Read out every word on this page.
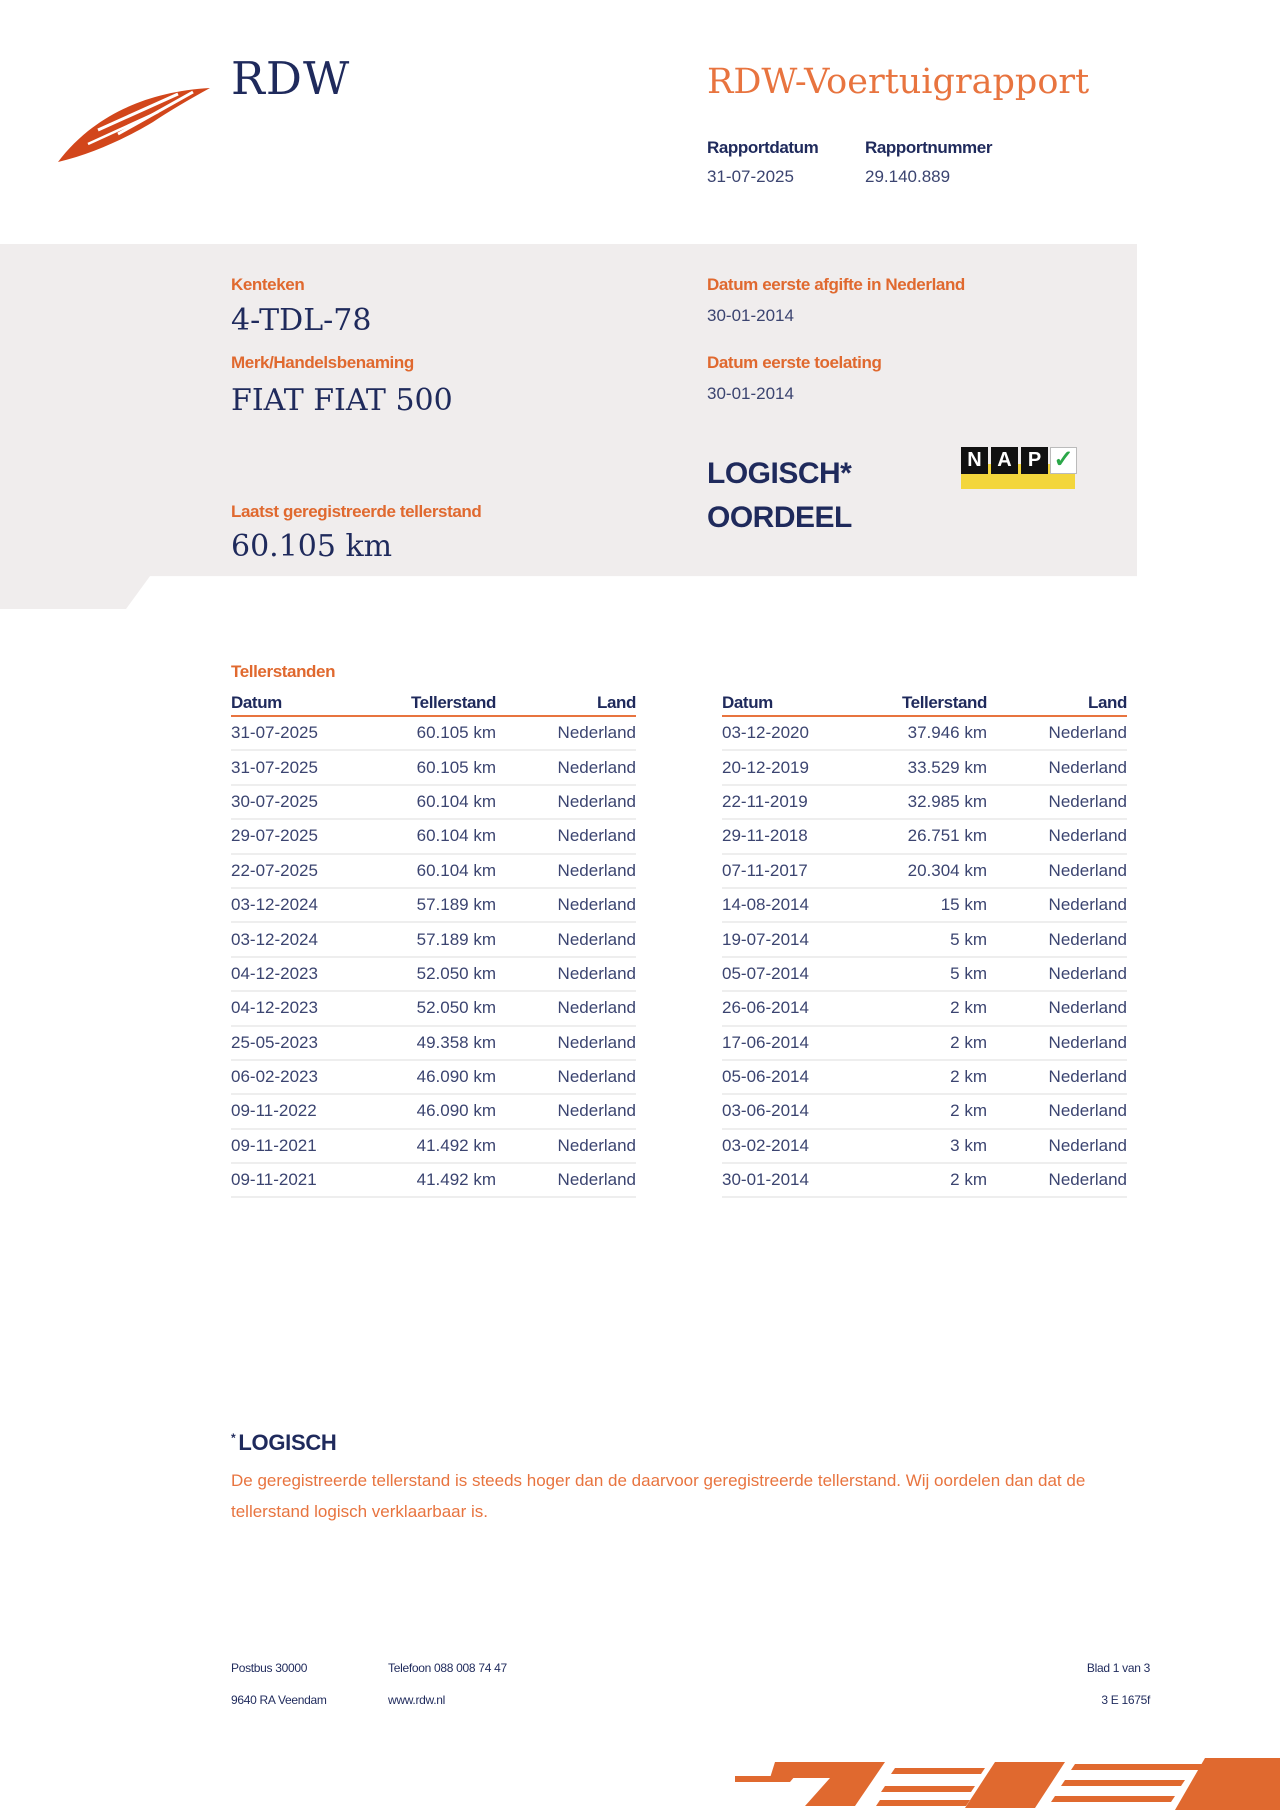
RDW	RDW-Voertuigrapport
Rapportdatum
31-07-2025
Rapportnummer
29.140.889
Kenteken
4-TDL-78
Merk/Handelsbenaming
FIAT FIAT 500
Datum eerste afgifte in Nederland
30-01-2014
Datum eerste toelating
30-01-2014
LOGISCH*
OORDEEL
N A P ✓
Laatst geregistreerde tellerstand
60.105 km
Tellerstanden
Datum	Tellerstand	Land
31-07-2025	60.105 km	Nederland
31-07-2025	60.105 km	Nederland
30-07-2025	60.104 km	Nederland
29-07-2025	60.104 km	Nederland
22-07-2025	60.104 km	Nederland
03-12-2024	57.189 km	Nederland
03-12-2024	57.189 km	Nederland
04-12-2023	52.050 km	Nederland
04-12-2023	52.050 km	Nederland
25-05-2023	49.358 km	Nederland
06-02-2023	46.090 km	Nederland
09-11-2022	46.090 km	Nederland
09-11-2021	41.492 km	Nederland
09-11-2021	41.492 km	Nederland
Datum	Tellerstand	Land
03-12-2020	37.946 km	Nederland
20-12-2019	33.529 km	Nederland
22-11-2019	32.985 km	Nederland
29-11-2018	26.751 km	Nederland
07-11-2017	20.304 km	Nederland
14-08-2014	15 km	Nederland
19-07-2014	5 km	Nederland
05-07-2014	5 km	Nederland
26-06-2014	2 km	Nederland
17-06-2014	2 km	Nederland
05-06-2014	2 km	Nederland
03-06-2014	2 km	Nederland
03-02-2014	3 km	Nederland
30-01-2014	2 km	Nederland
* LOGISCH
De geregistreerde tellerstand is steeds hoger dan de daarvoor geregistreerde tellerstand. Wij oordelen dan dat de tellerstand logisch verklaarbaar is.
Postbus 30000
9640 RA Veendam
Telefoon 088 008 74 47
www.rdw.nl
Blad 1 van 3
3 E 1675f
